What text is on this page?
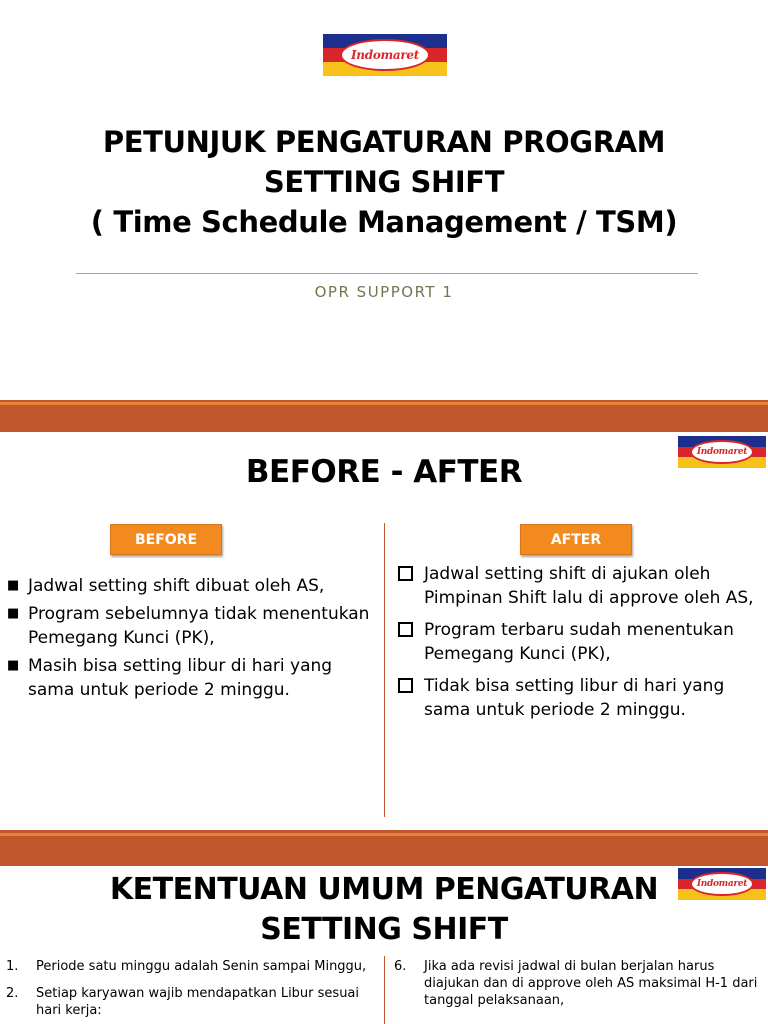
Indomaret
PETUNJUK PENGATURAN PROGRAM
SETTING SHIFT
( Time Schedule Management / TSM)
OPR SUPPORT 1
Indomaret
BEFORE - AFTER
BEFORE	AFTER
■ Jadwal setting shift dibuat oleh AS,
■ Program sebelumnya tidak menentukan Pemegang Kunci (PK),
■ Masih bisa setting libur di hari yang sama untuk periode 2 minggu.
Jadwal setting shift di ajukan oleh Pimpinan Shift lalu di approve oleh AS,
Program terbaru sudah menentukan Pemegang Kunci (PK),
Tidak bisa setting libur di hari yang sama untuk periode 2 minggu.
Indomaret
KETENTUAN UMUM PENGATURAN
SETTING SHIFT
1. Periode satu minggu adalah Senin sampai Minggu,
2. Setiap karyawan wajib mendapatkan Libur sesuai hari kerja:
6. Jika ada revisi jadwal di bulan berjalan harus diajukan dan di approve oleh AS maksimal H-1 dari tanggal pelaksanaan,
